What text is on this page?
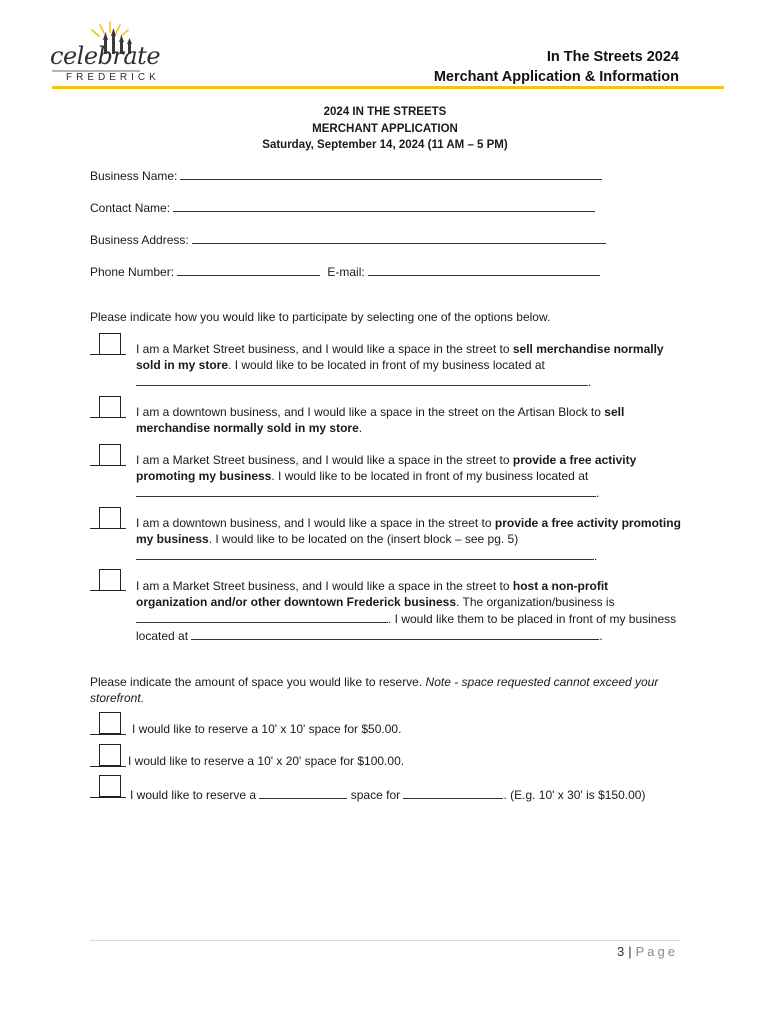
celebrate
FREDERICK
In The Streets 2024
Merchant Application & Information
2024 IN THE STREETS
MERCHANT APPLICATION
Saturday, September 14, 2024 (11 AM – 5 PM)
Business Name:
Contact Name:
Business Address:
Phone Number:	E-mail:
Please indicate how you would like to participate by selecting one of the options below.
I am a Market Street business, and I would like a space in the street to sell merchandise normally sold in my store. I would like to be located in front of my business located at
.
I am a downtown business, and I would like a space in the street on the Artisan Block to sell merchandise normally sold in my store.
I am a Market Street business, and I would like a space in the street to provide a free activity promoting my business. I would like to be located in front of my business located at .
I am a downtown business, and I would like a space in the street to provide a free activity promoting my business. I would like to be located on the (insert block – see pg. 5)
.
I am a Market Street business, and I would like a space in the street to host a non-profit organization and/or other downtown Frederick business. The organization/business is
. I would like them to be placed in front of my business located at	.
Please indicate the amount of space you would like to reserve. Note - space requested cannot exceed your storefront.
I would like to reserve a 10' x 10' space for $50.00.
I would like to reserve a 10' x 20' space for $100.00.
I would like to reserve a	space for	. (E.g. 10' x 30' is $150.00)
3 | Page
